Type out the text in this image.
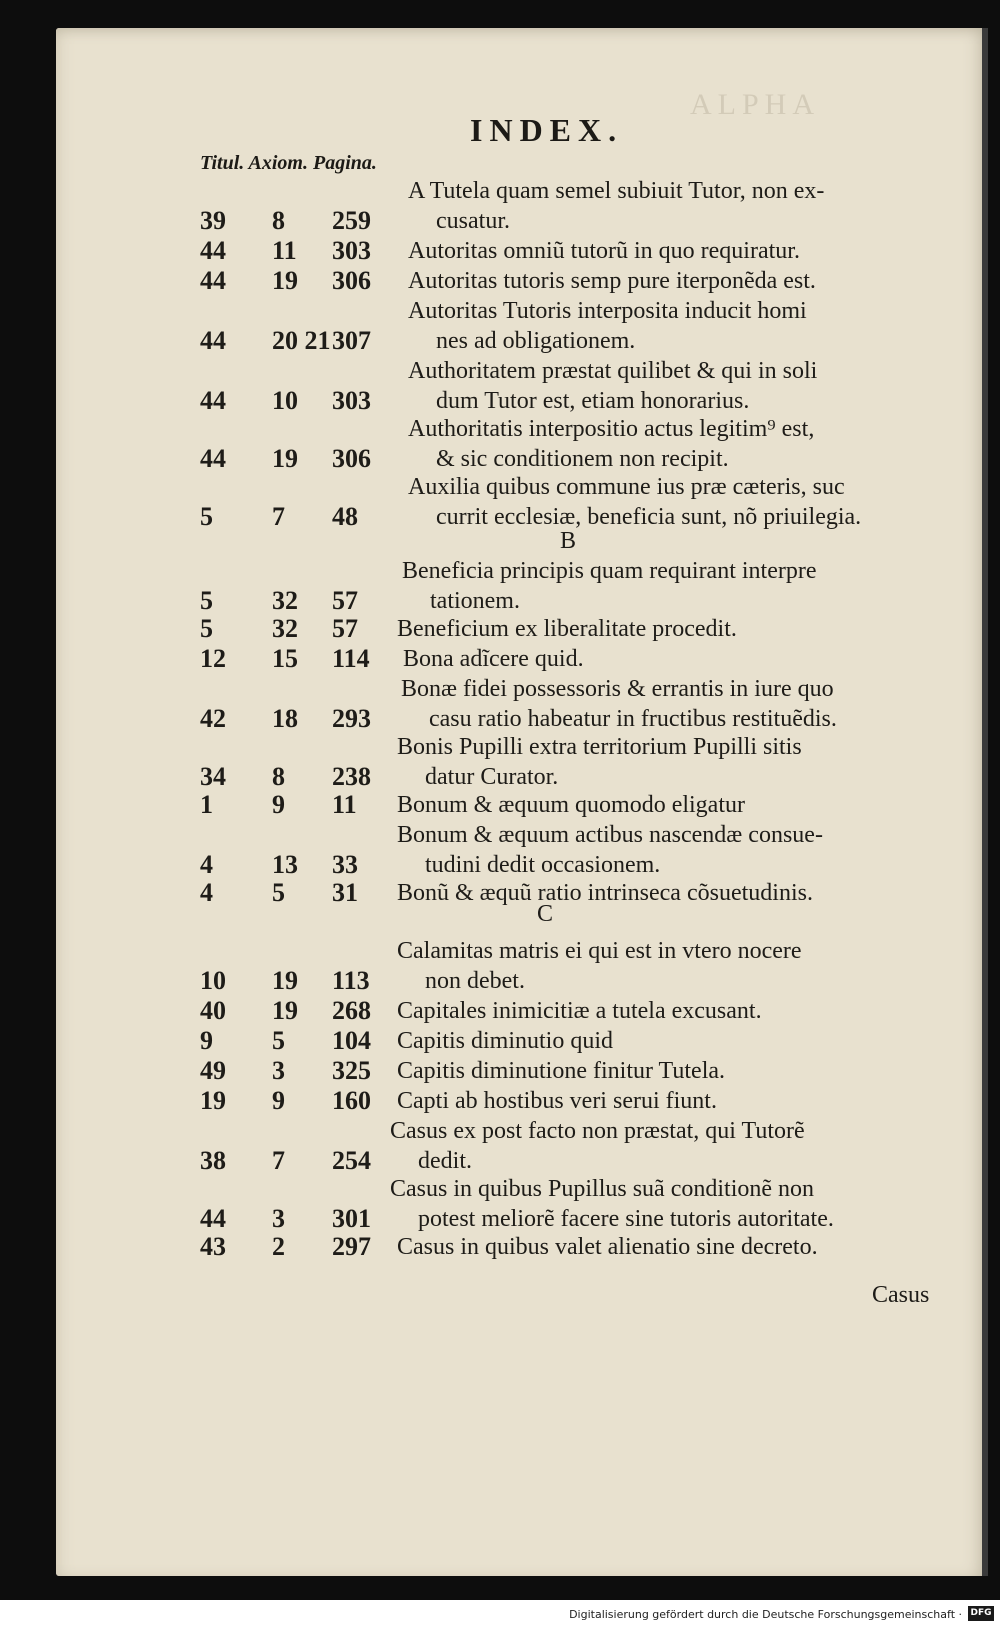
ALPHA
INDEX.
Titul. Axiom. Pagina.
39 8 259
A Tutela quam semel subiuit Tutor, non ex-
cusatur.
44 11 303 Autoritas omniũ tutorũ in quo requiratur.
44 19 306 Autoritas tutoris semp pure iterponẽda est.
44 20 21 307
Autoritas Tutoris interposita inducit homi
nes ad obligationem.
44 10 303
Authoritatem præstat quilibet & qui in soli
dum Tutor est, etiam honorarius.
44 19 306
Authoritatis interpositio actus legitim⁹ est,
& sic conditionem non recipit.
5 7 48
Auxilia quibus commune ius præ cæteris, suc
currit ecclesiæ, beneficia sunt, nõ priuilegia.
5 32 57
Beneficia principis quam requirant interpre
tationem.
5 32 57 Beneficium ex liberalitate procedit.
12 15 114 Bona adĩcere quid.
42 18 293
Bonæ fidei possessoris & errantis in iure quo
casu ratio habeatur in fructibus restituẽdis.
34 8 238
Bonis Pupilli extra territorium Pupilli sitis
datur Curator.
1 9 11 Bonum & æquum quomodo eligatur
4 13 33
Bonum & æquum actibus nascendæ consue-
tudini dedit occasionem.
4 5 31 Bonũ & æquũ ratio intrinseca cõsuetudinis.
10 19 113
Calamitas matris ei qui est in vtero nocere
non debet.
40 19 268 Capitales inimicitiæ a tutela excusant.
9 5 104 Capitis diminutio quid
49 3 325 Capitis diminutione finitur Tutela.
19 9 160 Capti ab hostibus veri serui fiunt.
38 7 254
Casus ex post facto non præstat, qui Tutorẽ
dedit.
44 3 301
Casus in quibus Pupillus suã conditionẽ non
potest meliorẽ facere sine tutoris autoritate.
43 2 297 Casus in quibus valet alienatio sine decreto.
B
C
Casus
Digitalisierung gefördert durch die Deutsche Forschungsgemeinschaft · DFG
